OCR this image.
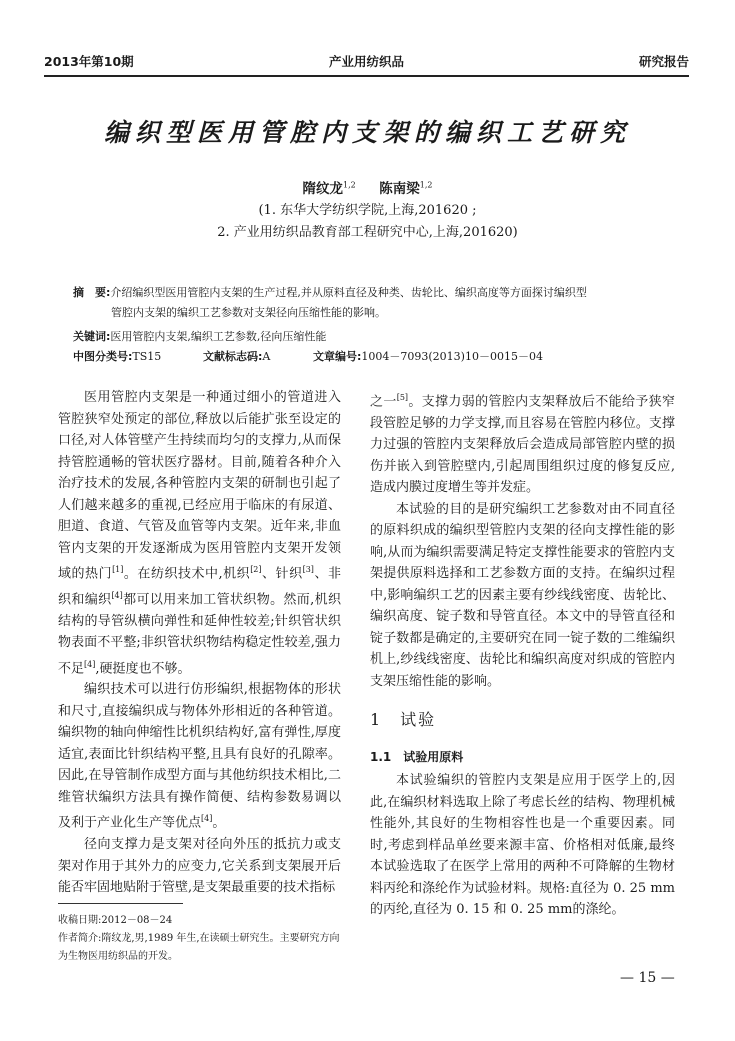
2013年第10期	产业用纺织品	研究报告
编织型医用管腔内支架的编织工艺研究
隋纹龙$^{1,2}$ 陈南梁$^{1,2}$
(1. 东华大学纺织学院,上海,201620 ;
2. 产业用纺织品教育部工程研究中心,上海,201620)
摘　要:介绍编织型医用管腔内支架的生产过程,并从原料直径及种类、齿轮比、编织高度等方面探讨编织型
管腔内支架的编织工艺参数对支架径向压缩性能的影响。
关键词:医用管腔内支架,编织工艺参数,径向压缩性能
中图分类号:TS15	文献标志码:A	文章编号:1004－7093(2013)10－0015－04

医用管腔内支架是一种通过细小的管道进入管腔狭窄处预定的部位,释放以后能扩张至设定的口径,对人体管壁产生持续而均匀的支撑力,从而保持管腔通畅的管状医疗器材。目前,随着各种介入治疗技术的发展,各种管腔内支架的研制也引起了人们越来越多的重视,已经应用于临床的有尿道、胆道、食道、气管及血管等内支架。近年来,非血管内支架的开发逐渐成为医用管腔内支架开发领域的热门[1]。在纺织技术中,机织[2]、针织[3]、非织和编织[4]都可以用来加工管状织物。然而,机织结构的导管纵横向弹性和延伸性较差;针织管状织物表面不平整;非织管状织物结构稳定性较差,强力不足[4],硬挺度也不够。

编织技术可以进行仿形编织,根据物体的形状和尺寸,直接编织成与物体外形相近的各种管道。编织物的轴向伸缩性比机织结构好,富有弹性,厚度适宜,表面比针织结构平整,且具有良好的孔隙率。因此,在导管制作成型方面与其他纺织技术相比,二维管状编织方法具有操作简便、结构参数易调以及利于产业化生产等优点[4]。

径向支撑力是支架对径向外压的抵抗力或支架对作用于其外力的应变力,它关系到支架展开后能否牢固地贴附于管壁,是支架最重要的技术指标

之一[5]。支撑力弱的管腔内支架释放后不能给予狭窄段管腔足够的力学支撑,而且容易在管腔内移位。支撑力过强的管腔内支架释放后会造成局部管腔内壁的损伤并嵌入到管腔壁内,引起周围组织过度的修复反应,造成内膜过度增生等并发症。

本试验的目的是研究编织工艺参数对由不同直径的原料织成的编织型管腔内支架的径向支撑性能的影响,从而为编织需要满足特定支撑性能要求的管腔内支架提供原料选择和工艺参数方面的支持。在编织过程中,影响编织工艺的因素主要有纱线线密度、齿轮比、编织高度、锭子数和导管直径。本文中的导管直径和锭子数都是确定的,主要研究在同一锭子数的二维编织机上,纱线线密度、齿轮比和编织高度对织成的管腔内支架压缩性能的影响。

1　试验
1.1　试验用原料

本试验编织的管腔内支架是应用于医学上的,因此,在编织材料选取上除了考虑长丝的结构、物理机械性能外,其良好的生物相容性也是一个重要因素。同时,考虑到样品单丝要来源丰富、价格相对低廉,最终本试验选取了在医学上常用的两种不可降解的生物材料丙纶和涤纶作为试验材料。规格:直径为 0. 25 mm 的丙纶,直径为 0. 15 和 0. 25 mm的涤纶。

收稿日期:2012－08－24
作者简介:隋纹龙,男,1989 年生,在读硕士研究生。主要研究方向为生物医用纺织品的开发。
— 15 —
